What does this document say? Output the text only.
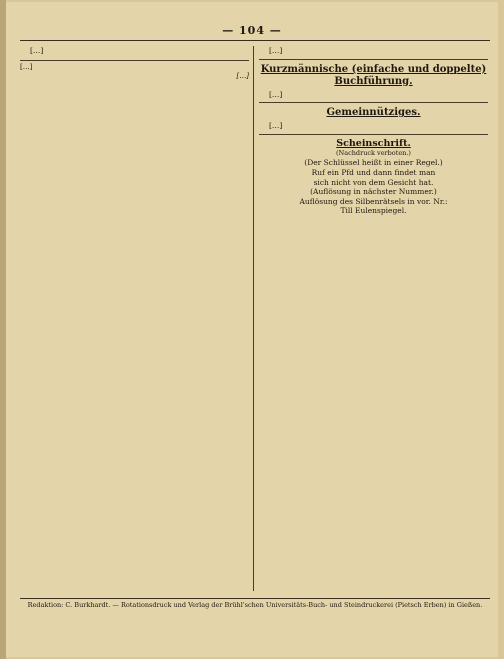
— 104 —

[…]

[…]
[…]

[…]

Kurzmännische (einfache und doppelte) Buchführung.

[…]

Gemeinnütziges.

[…]

Scheinschrift.
(Nachdruck verboten.)
(Der Schlüssel heißt in einer Regel.)
Ruf ein Pfd und dann findet man
sich nicht von dem Gesicht hat.
(Auflösung in nächster Nummer.)
Auflösung des Silbenrätsels in vor. Nr.:
Till Eulenspiegel.
Redaktion: C. Burkhardt. — Rotationsdruck und Verlag der Brühl'schen Universitäts-Buch- und Steindruckerei (Pietsch Erben) in Gießen.
